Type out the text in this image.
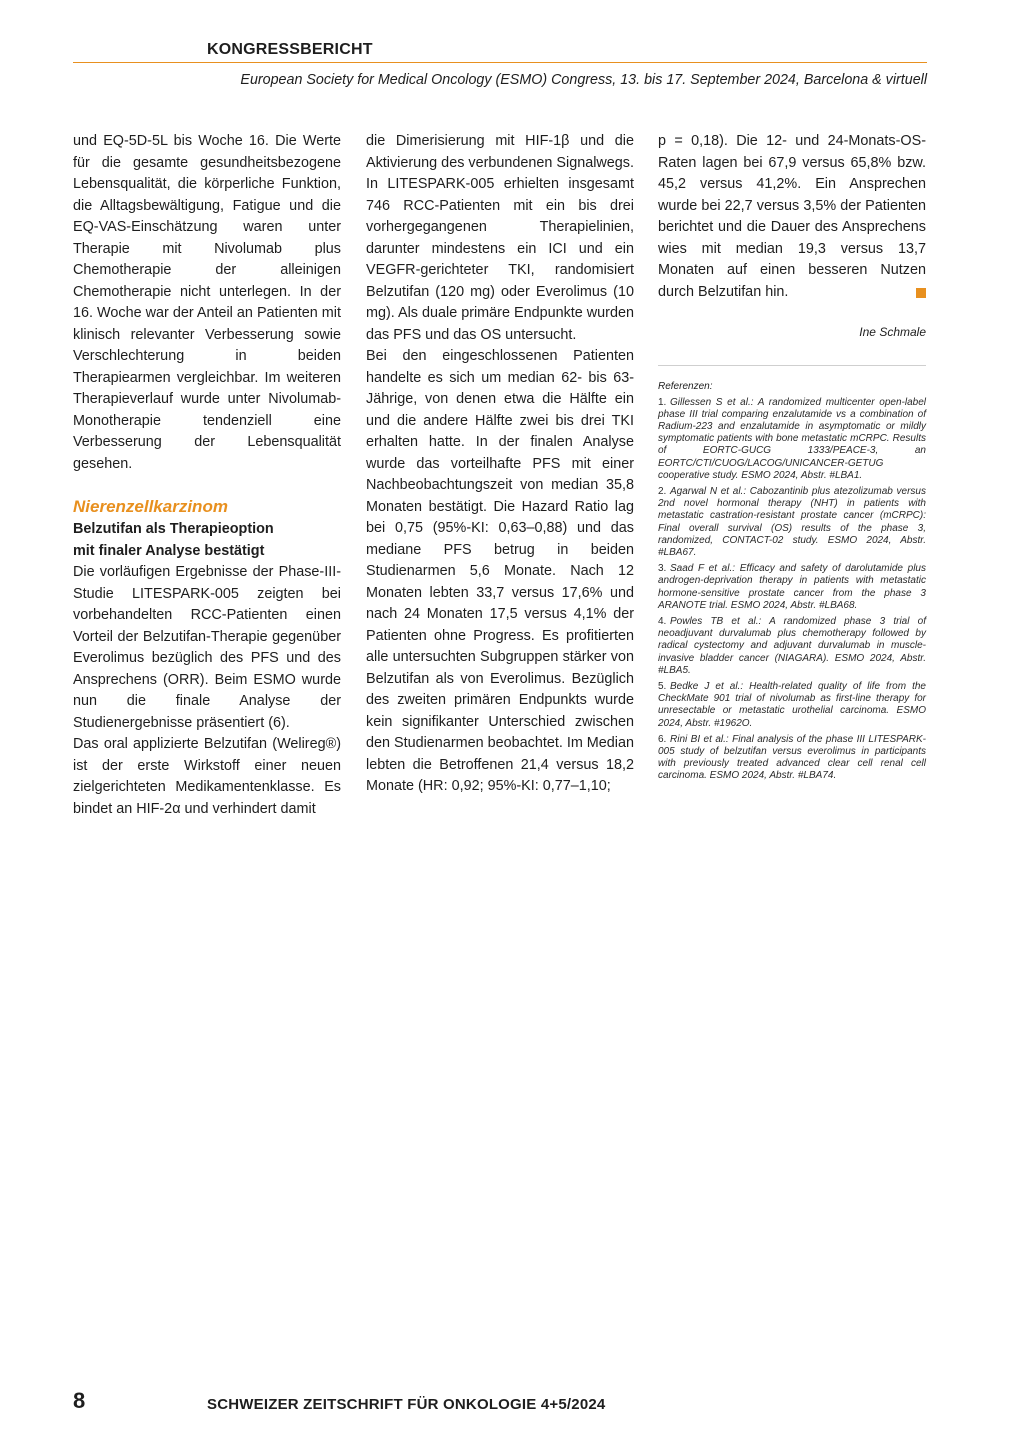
KONGRESSBERICHT
European Society for Medical Oncology (ESMO) Congress, 13. bis 17. September 2024, Barcelona & virtuell

und EQ-5D-5L bis Woche 16. Die Werte für die gesamte gesundheitsbezogene Lebensqualität, die körperliche Funktion, die Alltagsbewältigung, Fatigue und die EQ-VAS-Einschätzung waren unter Therapie mit Nivolumab plus Chemotherapie der alleinigen Chemotherapie nicht unterlegen. In der 16. Woche war der Anteil an Patienten mit klinisch relevanter Verbesserung sowie Verschlechterung in beiden Therapiearmen vergleichbar. Im weiteren Therapieverlauf wurde unter Nivolumab-Monotherapie tendenziell eine Verbesserung der Lebensqualität gesehen.

Nierenzellkarzinom
Belzutifan als Therapieoption
mit finaler Analyse bestätigt

Die vorläufigen Ergebnisse der Phase-III-Studie LITESPARK-005 zeigten bei vorbehandelten RCC-Patienten einen Vorteil der Belzutifan-Therapie gegenüber Everolimus bezüglich des PFS und des Ansprechens (ORR). Beim ESMO wurde nun die finale Analyse der Studienergebnisse präsentiert (6).

Das oral applizierte Belzutifan (Welireg®) ist der erste Wirkstoff einer neuen zielgerichteten Medikamentenklasse. Es bindet an HIF-2α und verhindert damit

die Dimerisierung mit HIF-1β und die Aktivierung des verbundenen Signalwegs. In LITESPARK-005 erhielten insgesamt 746 RCC-Patienten mit ein bis drei vorhergegangenen Therapielinien, darunter mindestens ein ICI und ein VEGFR-gerichteter TKI, randomisiert Belzutifan (120 mg) oder Everolimus (10 mg). Als duale primäre Endpunkte wurden das PFS und das OS untersucht.

Bei den eingeschlossenen Patienten handelte es sich um median 62- bis 63-Jährige, von denen etwa die Hälfte ein und die andere Hälfte zwei bis drei TKI erhalten hatte. In der finalen Analyse wurde das vorteilhafte PFS mit einer Nachbeobachtungszeit von median 35,8 Monaten bestätigt. Die Hazard Ratio lag bei 0,75 (95%-KI: 0,63–0,88) und das mediane PFS betrug in beiden Studienarmen 5,6 Monate. Nach 12 Monaten lebten 33,7 versus 17,6% und nach 24 Monaten 17,5 versus 4,1% der Patienten ohne Progress. Es profitierten alle untersuchten Subgruppen stärker von Belzutifan als von Everolimus. Bezüglich des zweiten primären Endpunkts wurde kein signifikanter Unterschied zwischen den Studienarmen beobachtet. Im Median lebten die Betroffenen 21,4 versus 18,2 Monate (HR: 0,92; 95%-KI: 0,77–1,10;

p = 0,18). Die 12- und 24-Monats-OS-Raten lagen bei 67,9 versus 65,8% bzw. 45,2 versus 41,2%. Ein Ansprechen wurde bei 22,7 versus 3,5% der Patienten berichtet und die Dauer des Ansprechens wies mit median 19,3 versus 13,7 Monaten auf einen besseren Nutzen durch Belzutifan hin.

Ine Schmale
Referenzen:
1. Gillessen S et al.: A randomized multicenter open-label phase III trial comparing enzalutamide vs a combination of Radium-223 and enzalutamide in asymptomatic or mildly symptomatic patients with bone metastatic mCRPC. Results of EORTC-GUCG 1333/PEACE-3, an EORTC/CTI/CUOG/LACOG/UNICANCER-GETUG cooperative study. ESMO 2024, Abstr. #LBA1.
2. Agarwal N et al.: Cabozantinib plus atezolizumab versus 2nd novel hormonal therapy (NHT) in patients with metastatic castration-resistant prostate cancer (mCRPC): Final overall survival (OS) results of the phase 3, randomized, CONTACT-02 study. ESMO 2024, Abstr. #LBA67.
3. Saad F et al.: Efficacy and safety of darolutamide plus androgen-deprivation therapy in patients with metastatic hormone-sensitive prostate cancer from the phase 3 ARANOTE trial. ESMO 2024, Abstr. #LBA68.
4. Powles TB et al.: A randomized phase 3 trial of neoadjuvant durvalumab plus chemotherapy followed by radical cystectomy and adjuvant durvalumab in muscle-invasive bladder cancer (NIAGARA). ESMO 2024, Abstr. #LBA5.
5. Bedke J et al.: Health-related quality of life from the CheckMate 901 trial of nivolumab as first-line therapy for unresectable or metastatic urothelial carcinoma. ESMO 2024, Abstr. #1962O.
6. Rini BI et al.: Final analysis of the phase III LITESPARK-005 study of belzutifan versus everolimus in participants with previously treated advanced clear cell renal cell carcinoma. ESMO 2024, Abstr. #LBA74.
8	SCHWEIZER ZEITSCHRIFT FÜR ONKOLOGIE 4+5/2024
